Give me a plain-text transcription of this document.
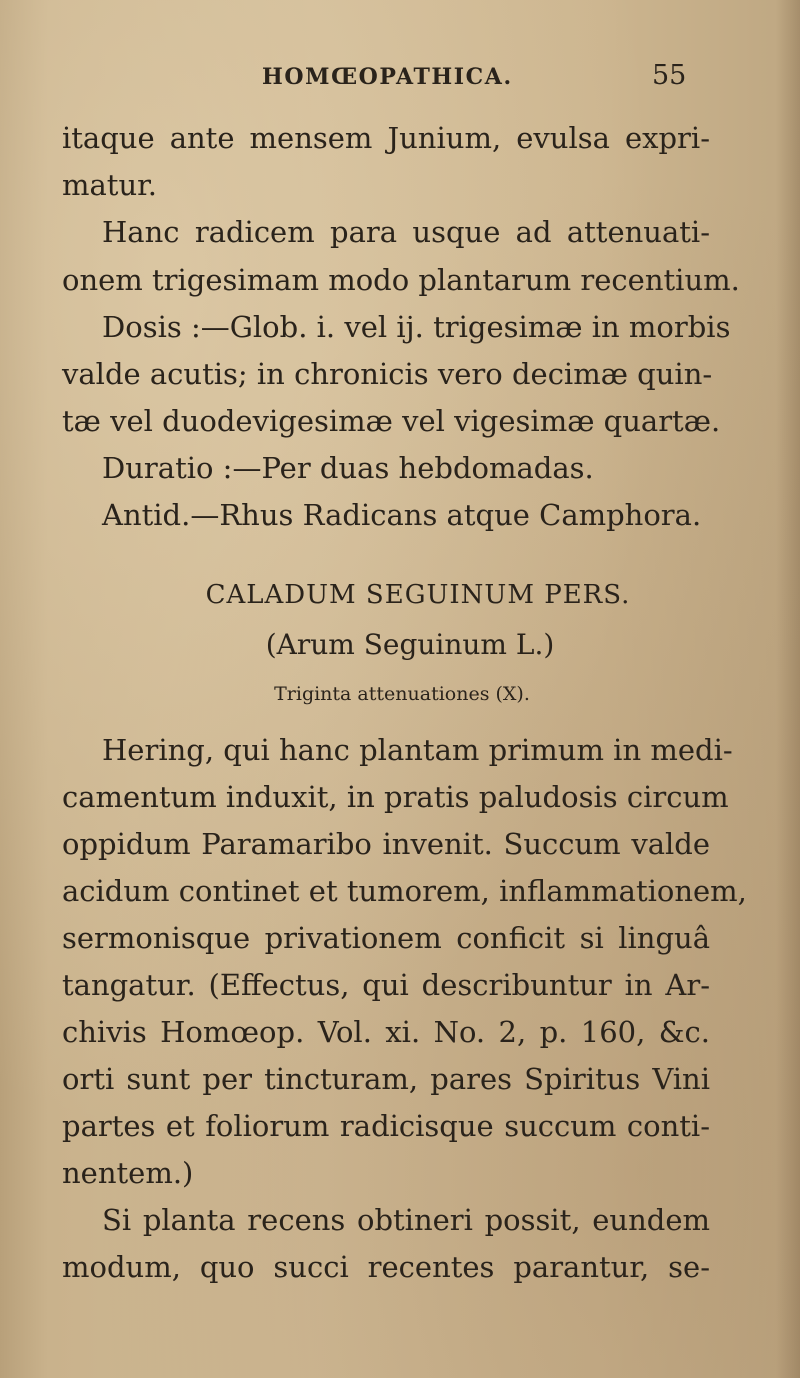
HOMŒOPATHICA.	55
itaque ante mensem Junium, evulsa expri-
matur.
Hanc radicem para usque ad attenuati-
onem trigesimam modo plantarum recentium.
Dosis :—Glob. i. vel ij. trigesimæ in morbis
valde acutis; in chronicis vero decimæ quin-
tæ vel duodevigesimæ vel vigesimæ quartæ.
Duratio :—Per duas hebdomadas.
Antid.—Rhus Radicans atque Camphora.
CALADUM SEGUINUM PERS.
(Arum Seguinum L.)
Triginta attenuationes (X).
Hering, qui hanc plantam primum in medi-
camentum induxit, in pratis paludosis circum
oppidum Paramaribo invenit. Succum valde
acidum continet et tumorem, inflammationem,
sermonisque privationem conficit si linguâ
tangatur. (Effectus, qui describuntur in Ar-
chivis Homœop. Vol. xi. No. 2, p. 160, &c.
orti sunt per tincturam, pares Spiritus Vini
partes et foliorum radicisque succum conti-
nentem.)
Si planta recens obtineri possit, eundem
modum, quo succi recentes parantur, se-
